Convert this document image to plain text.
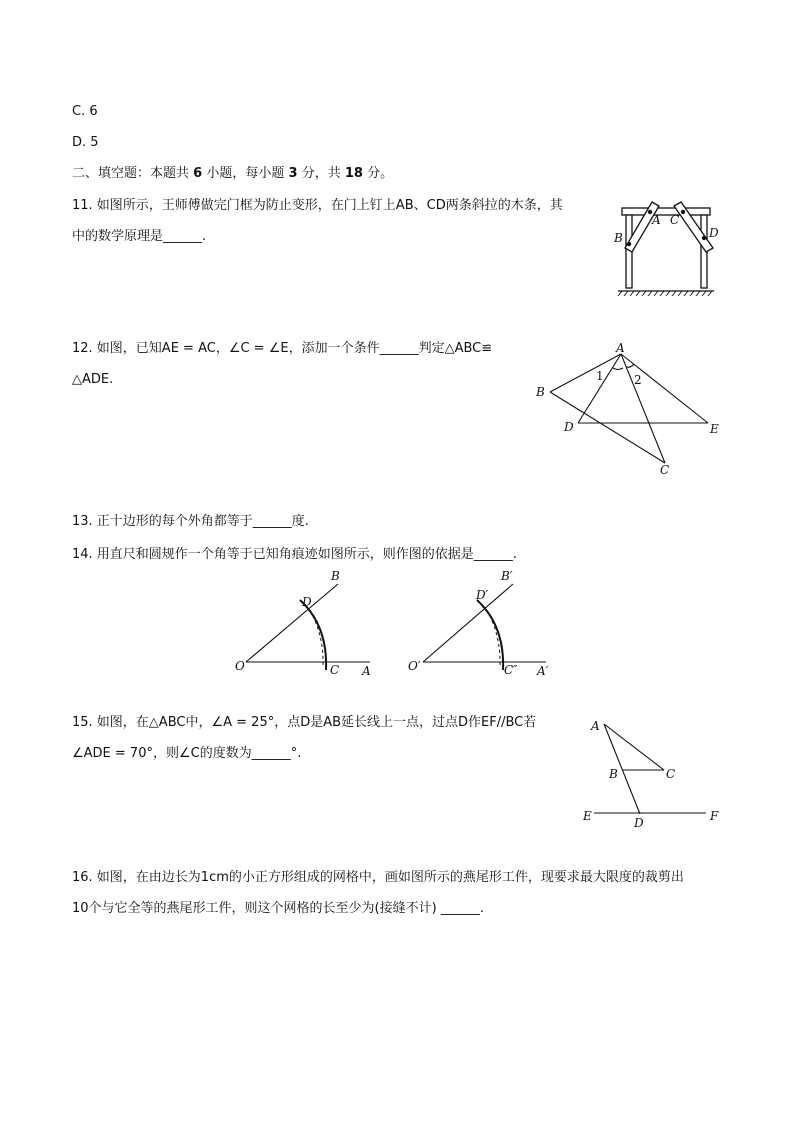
C. 6
D. 5
二、填空题：本题共 6 小题，每小题 3 分，共 18 分。
11. 如图所示，王师傅做完门框为防止变形，在门上钉上AB、CD两条斜拉的木条，其
中的数学原理是______.
A
B
C
D
12. 如图，已知AE = AC，∠C = ∠E，添加一个条件______判定△ABC≌
△ADE.
A
B
C
D	E
1	2
13. 正十边形的每个外角都等于______度.
14. 用直尺和圆规作一个角等于已知角痕迹如图所示，则作图的依据是______.
O
B
D
C A	O′
B′
D′
C″ A′
15. 如图，在△ABC中，∠A = 25°，点D是AB延长线上一点，过点D作EF//BC若
∠ADE = 70°，则∠C的度数为______°.
A
B	C
D
E	F
16. 如图，在由边长为1cm的小正方形组成的网格中，画如图所示的燕尾形工件，现要求最大限度的裁剪出
10个与它全等的燕尾形工件，则这个网格的长至少为(接缝不计) ______.
